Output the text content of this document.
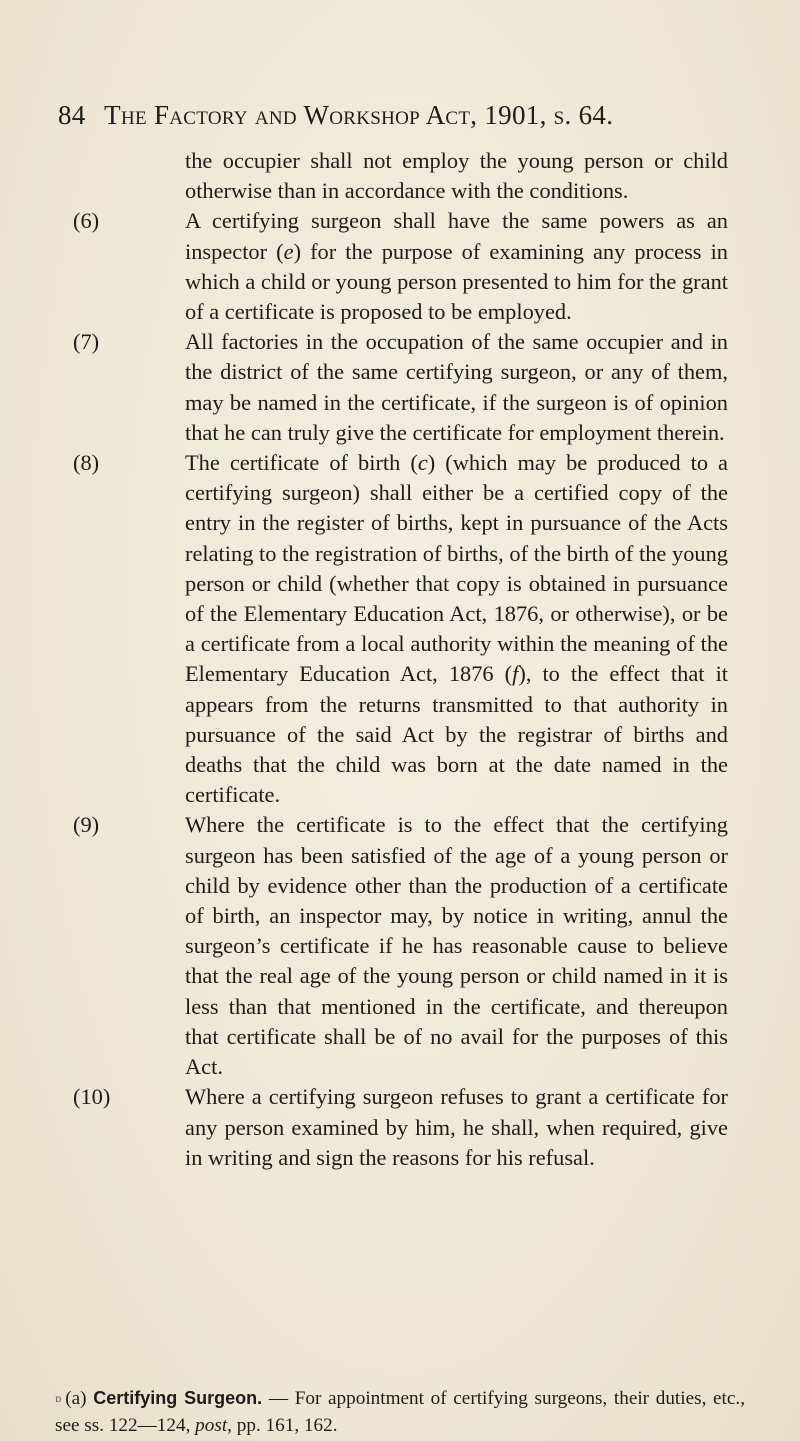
84 The Factory and Workshop Act, 1901, s. 64.

the occupier shall not employ the young person or child otherwise than in accordance with the conditions.

(6)	A certifying surgeon shall have the same powers as an inspector (e) for the purpose of examining any process in which a child or young person presented to him for the grant of a certificate is proposed to be employed.

(7)	All factories in the occupation of the same occupier and in the district of the same certifying surgeon, or any of them, may be named in the certificate, if the surgeon is of opinion that he can truly give the certificate for employment therein.

(8)	The certificate of birth (c) (which may be produced to a certifying surgeon) shall either be a certified copy of the entry in the register of births, kept in pursuance of the Acts relating to the registration of births, of the birth of the young person or child (whether that copy is obtained in pursuance of the Elementary Education Act, 1876, or otherwise), or be a certificate from a local authority within the meaning of the Elementary Education Act, 1876 (f), to the effect that it appears from the returns transmitted to that authority in pursuance of the said Act by the registrar of births and deaths that the child was born at the date named in the certificate.

(9)	Where the certificate is to the effect that the certifying surgeon has been satisfied of the age of a young person or child by evidence other than the production of a certificate of birth, an inspector may, by notice in writing, annul the surgeon’s certificate if he has reasonable cause to believe that the real age of the young person or child named in it is less than that mentioned in the certificate, and thereupon that certificate shall be of no avail for the purposes of this Act.

(10)	Where a certifying surgeon refuses to grant a certificate for any person examined by him, he shall, when required, give in writing and sign the reasons for his refusal.

ɒ (a) Certifying Surgeon. — For appointment of certifying surgeons, their duties, etc., see ss. 122—124, post, pp. 161, 162.
